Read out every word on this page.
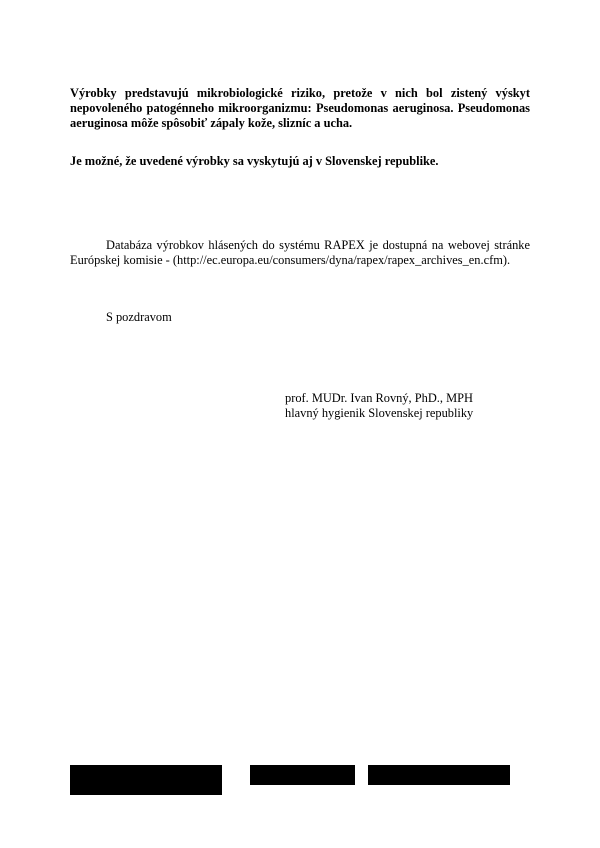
Výrobky predstavujú mikrobiologické riziko, pretože v nich bol zistený výskyt nepovoleného patogénneho mikroorganizmu: Pseudomonas aeruginosa. Pseudomonas aeruginosa môže spôsobiť zápaly kože, slizníc a ucha.

Je možné, že uvedené výrobky sa vyskytujú aj v Slovenskej republike.

Databáza výrobkov hlásených do systému RAPEX je dostupná na webovej stránke Európskej komisie - (http://ec.europa.eu/consumers/dyna/rapex/rapex_archives_en.cfm).

S pozdravom

prof. MUDr. Ivan Rovný, PhD., MPH
hlavný hygienik Slovenskej republiky
